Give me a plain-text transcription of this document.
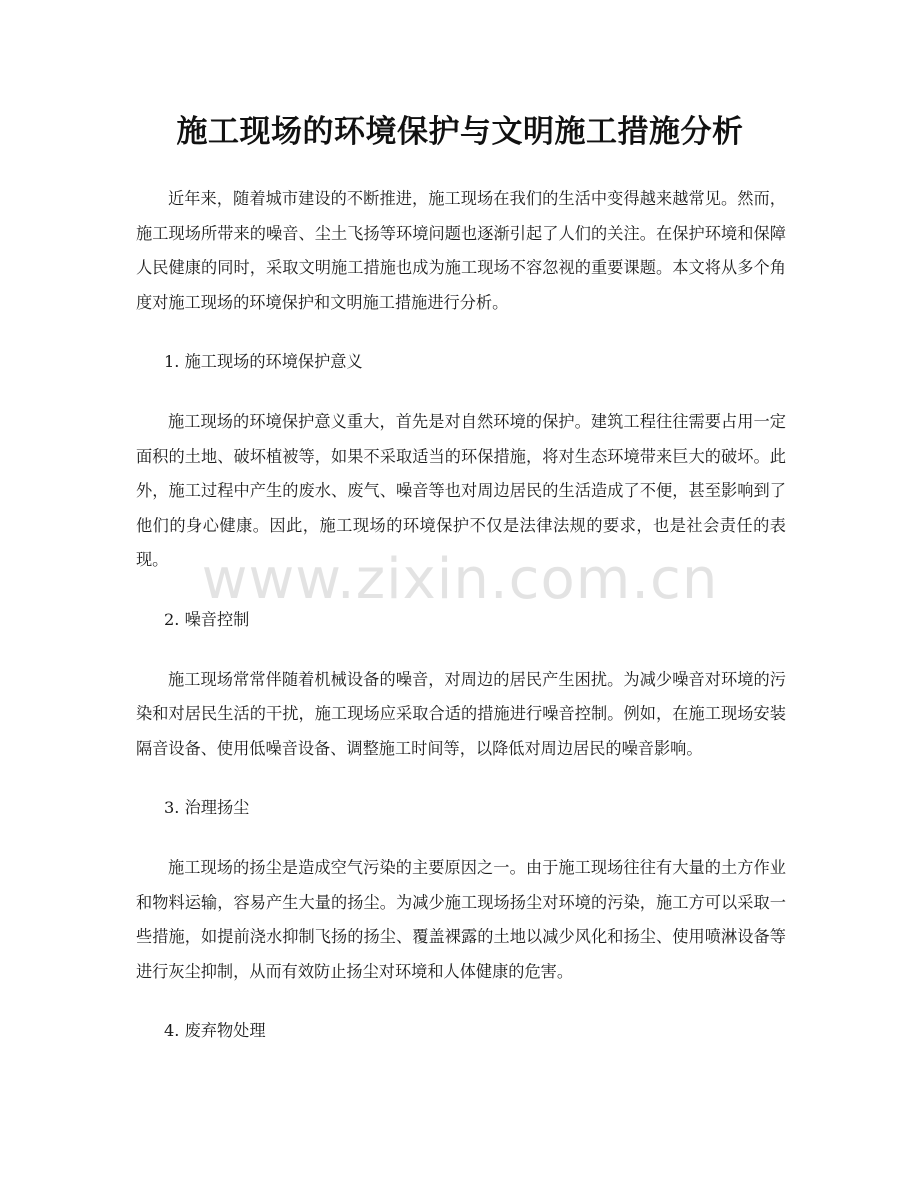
施工现场的环境保护与文明施工措施分析

近年来，随着城市建设的不断推进，施工现场在我们的生活中变得越来越常见。然而，施工现场所带来的噪音、尘土飞扬等环境问题也逐渐引起了人们的关注。在保护环境和保障人民健康的同时，采取文明施工措施也成为施工现场不容忽视的重要课题。本文将从多个角度对施工现场的环境保护和文明施工措施进行分析。

1. 施工现场的环境保护意义

施工现场的环境保护意义重大，首先是对自然环境的保护。建筑工程往往需要占用一定面积的土地、破坏植被等，如果不采取适当的环保措施，将对生态环境带来巨大的破坏。此外，施工过程中产生的废水、废气、噪音等也对周边居民的生活造成了不便，甚至影响到了他们的身心健康。因此，施工现场的环境保护不仅是法律法规的要求，也是社会责任的表现。

2. 噪音控制

施工现场常常伴随着机械设备的噪音，对周边的居民产生困扰。为减少噪音对环境的污染和对居民生活的干扰，施工现场应采取合适的措施进行噪音控制。例如，在施工现场安装隔音设备、使用低噪音设备、调整施工时间等，以降低对周边居民的噪音影响。

3. 治理扬尘

施工现场的扬尘是造成空气污染的主要原因之一。由于施工现场往往有大量的土方作业和物料运输，容易产生大量的扬尘。为减少施工现场扬尘对环境的污染，施工方可以采取一些措施，如提前浇水抑制飞扬的扬尘、覆盖裸露的土地以减少风化和扬尘、使用喷淋设备等进行灰尘抑制，从而有效防止扬尘对环境和人体健康的危害。

4. 废弃物处理

www.zixin.com.cn
